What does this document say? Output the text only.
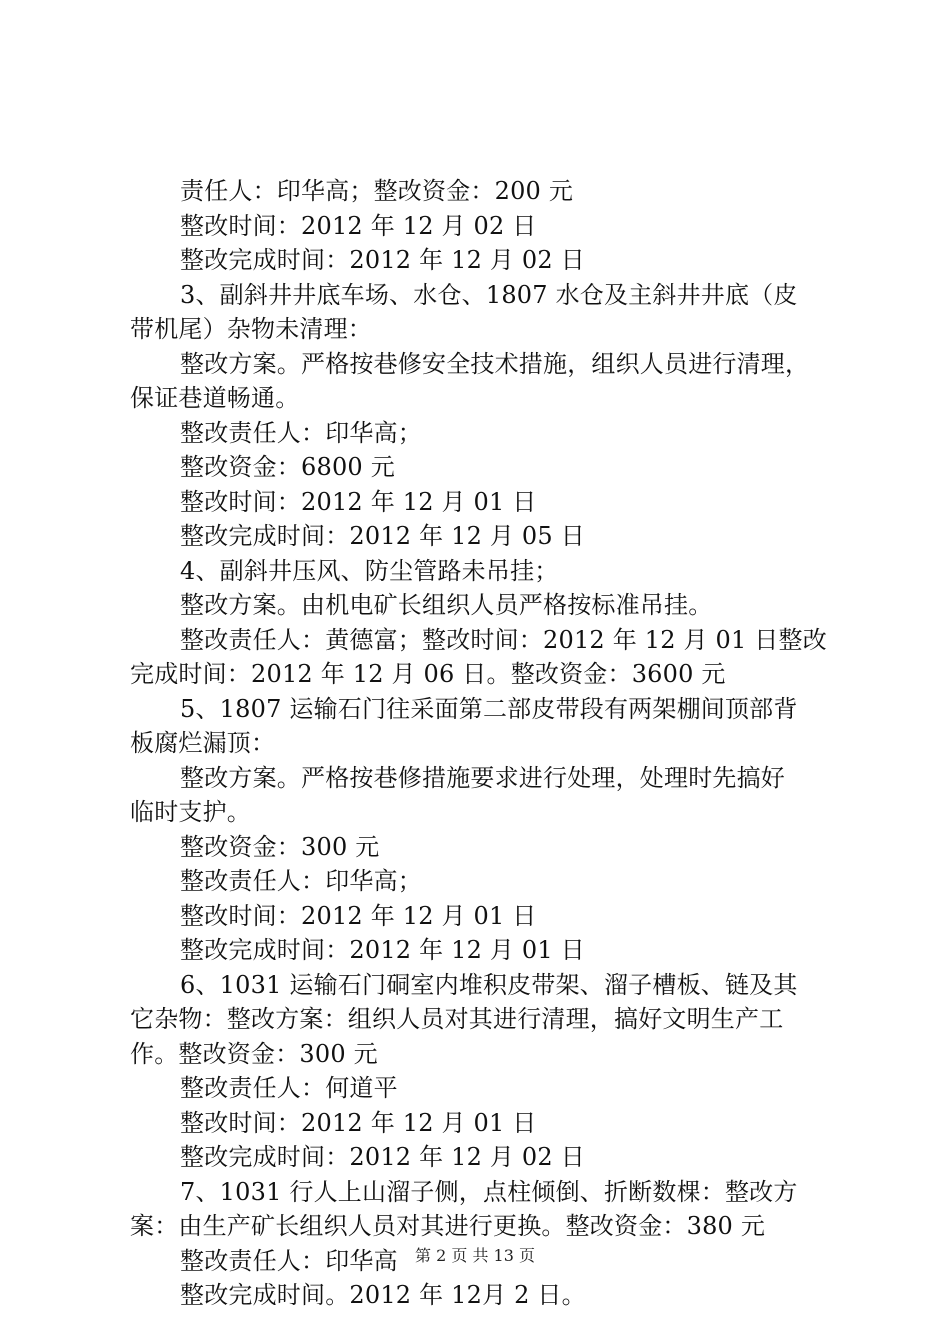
责任人：印华高；整改资金：200 元
整改时间：2012 年 12 月 02 日
整改完成时间：2012 年 12 月 02 日
3、副斜井井底车场、水仓、1807 水仓及主斜井井底（皮
带机尾）杂物未清理：
整改方案。严格按巷修安全技术措施，组织人员进行清理，
保证巷道畅通。
整改责任人：印华高；
整改资金：6800 元
整改时间：2012 年 12 月 01 日
整改完成时间：2012 年 12 月 05 日
4、副斜井压风、防尘管路未吊挂；
整改方案。由机电矿长组织人员严格按标准吊挂。
整改责任人：黄德富；整改时间：2012 年 12 月 01 日整改
完成时间：2012 年 12 月 06 日。整改资金：3600 元
5、1807 运输石门往采面第二部皮带段有两架棚间顶部背
板腐烂漏顶：
整改方案。严格按巷修措施要求进行处理，处理时先搞好
临时支护。
整改资金：300 元
整改责任人：印华高；
整改时间：2012 年 12 月 01 日
整改完成时间：2012 年 12 月 01 日
6、1031 运输石门硐室内堆积皮带架、溜子槽板、链及其
它杂物：整改方案：组织人员对其进行清理，搞好文明生产工
作。整改资金：300 元
整改责任人：何道平
整改时间：2012 年 12 月 01 日
整改完成时间：2012 年 12 月 02 日
7、1031 行人上山溜子侧，点柱倾倒、折断数棵：整改方
案：由生产矿长组织人员对其进行更换。整改资金：380 元
整改责任人：印华高
整改完成时间。2012 年 12月 2 日。
第 2 页 共 13 页
